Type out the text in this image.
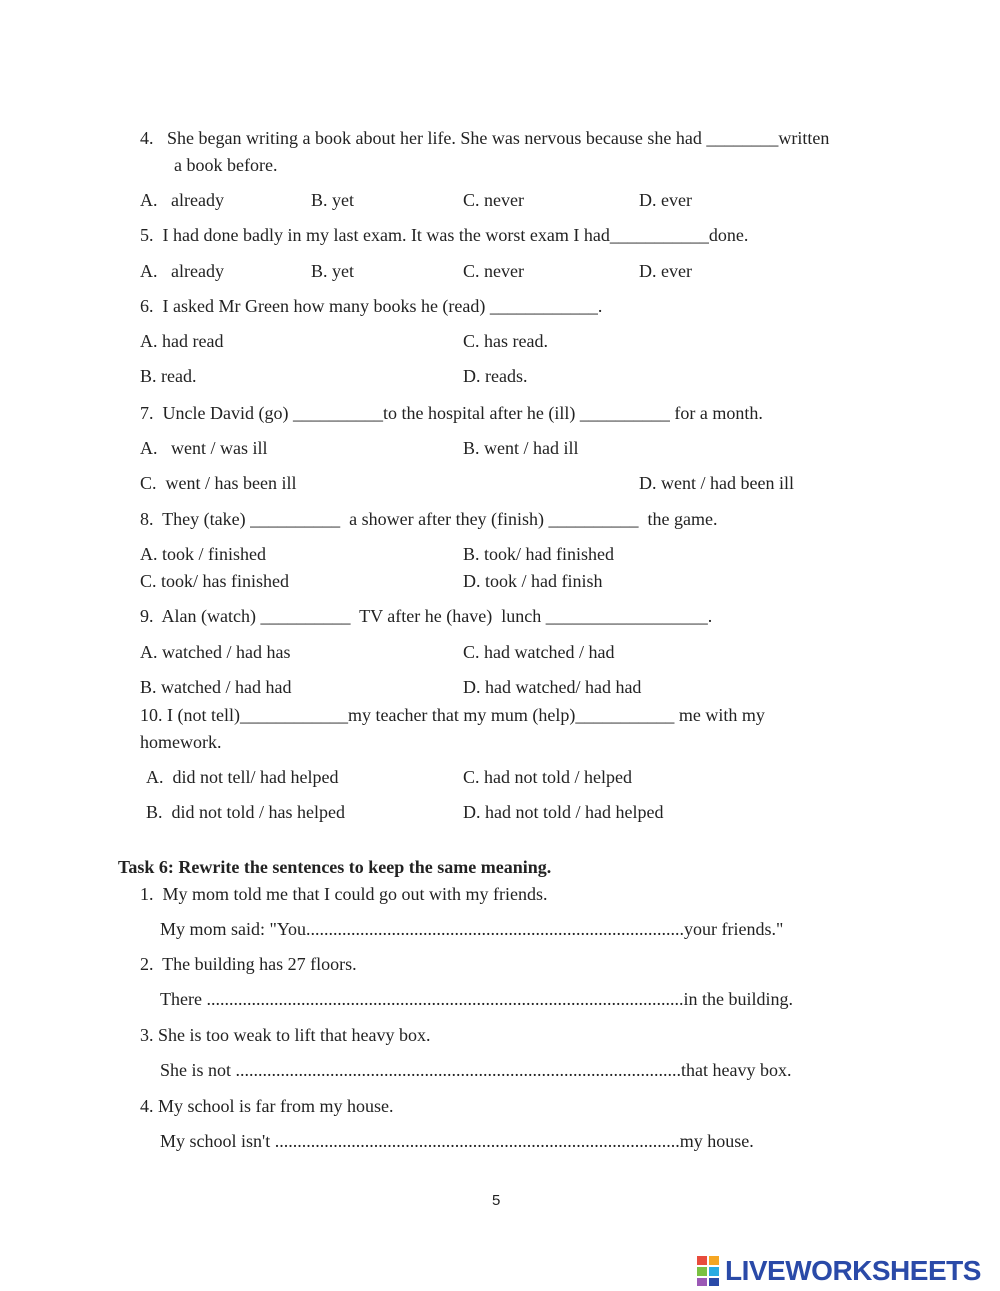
4.   She began writing a book about her life. She was nervous because she had ________written
a book before.
A.   already	B. yet	C. never	D. ever
5.  I had done badly in my last exam. It was the worst exam I had___________done.
A.   already	B. yet	C. never	D. ever
6.  I asked Mr Green how many books he (read) ____________.
A. had read	C. has read.
B. read.	D. reads.
7.  Uncle David (go) __________to the hospital after he (ill) __________ for a month.
A.   went / was ill	B. went / had ill
C.  went / has been ill	D. went / had been ill
8.  They (take) __________  a shower after they (finish) __________  the game.
A. took / finished	B. took/ had finished
C. took/ has finished	D. took / had finish
9.  Alan (watch) __________  TV after he (have)  lunch __________________.
A. watched / had has	C. had watched / had
B. watched / had had	D. had watched/ had had
10. I (not tell)____________my teacher that my mum (help)___________ me with my
homework.
A.  did not tell/ had helped	C. had not told / helped
B.  did not told / has helped	D. had not told / had helped
Task 6: Rewrite the sentences to keep the same meaning.
1.  My mom told me that I could go out with my friends.
My mom said: "You....................................................................................your friends."
2.  The building has 27 floors.
There ..........................................................................................................in the building.
3. She is too weak to lift that heavy box.
She is not ...................................................................................................that heavy box.
4. My school is far from my house.
My school isn't ..........................................................................................my house.
5
LIVEWORKSHEETS
